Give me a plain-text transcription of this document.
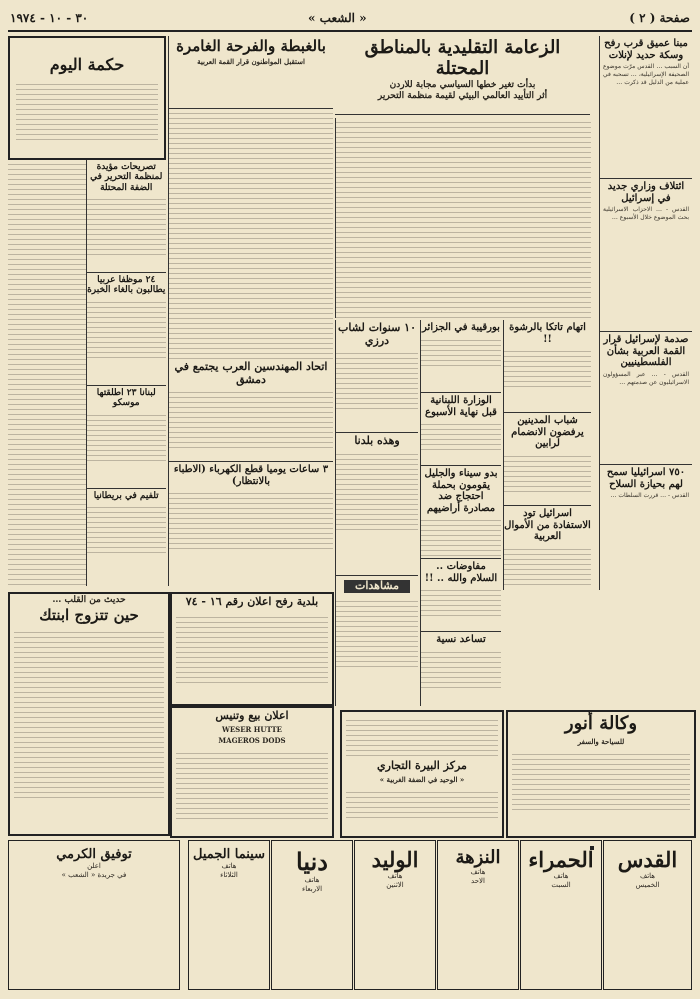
صفحة ( ٢ )
« الشعب »
٣٠ - ١٠ - ١٩٧٤
مبنا عميق قرب رفح وسكة حديد لإنلات
أن السبب … القدس مرّت موضوع الصحيفة الإسرائيلية، … تسحبه في عملية من الدليل قد ذكرت …
ائتلاف وزاري جديد في إسرائيل
القدس - … الاحزاب الاسرائيلية بحث الموضوع خلال الأسبوع …
صدمة لإسرائيل قرار القمة العربية بشأن الفلسطينيين
القدس - … عبر المسؤولون الاسرائيليون عن صدمتهم …
٧٥٠ اسرائيليا سمح لهم بحيازة السلاح
القدس - … قررت السلطات …
الزعامة التقليدية بالمناطق المحتلة
بدأت تغير خطها السياسي مجابة للاردن
أثر التأييد العالمي البيئي لقيمة منظمة التحرير
اتهام تاتكا بالرشوة !!
شباب المدينين يرفضون الانضمام لرابين
اسرائيل تود الاستفادة من الأموال العربية
بورقيبة في الجزائر
الوزارة اللبنانية قبل نهاية الأسبوع
بدو سيناء والجليل يقومون بحملة احتجاج ضد مصادرة أراضيهم
مفاوضات .. السلام والله .. !!
تساعد نسية
١٠ سنوات لشاب درزي
وهذه بلدنا
مشاهدات
بالغبطة والفرحة الغامرة
استقبل المواطنون قرار القمة العربية
اتحاد المهندسين العرب يجتمع في دمشق
٣ ساعات يوميا قطع الكهرباء (الاطباء بالانتظار)
حكمة اليوم
تصريحات مؤيدة لمنظمة التحرير في الضفة المحتلة
٢٤ موظفا عربيا يطالبون بالغاء الخبرة
لبنانا ٢٣ اطلقتها موسكو
تلفيم في بريطانيا
حديث من القلب …
حين تتزوج ابنتك
بلدية رفح اعلان رقم ١٦ - ٧٤
اعلان بيع وتنيس
WESER HUTTE
MAGEROS DODS
مركز البيرة التجاري
« الوحيد في الضفة الغربية »
وكالة أنور
للسياحة والسفر
القدس
هاتف
الخميس
الحمراء
هاتف
السبت
النزهة
هاتف
الاحد
الوليد
هاتف
الاثنين
دنيا
هاتف
الاربعاء
سينما الجميل
هاتف
الثلاثاء
توفيق الكرمي
اعلن
في جريدة « الشعب »
